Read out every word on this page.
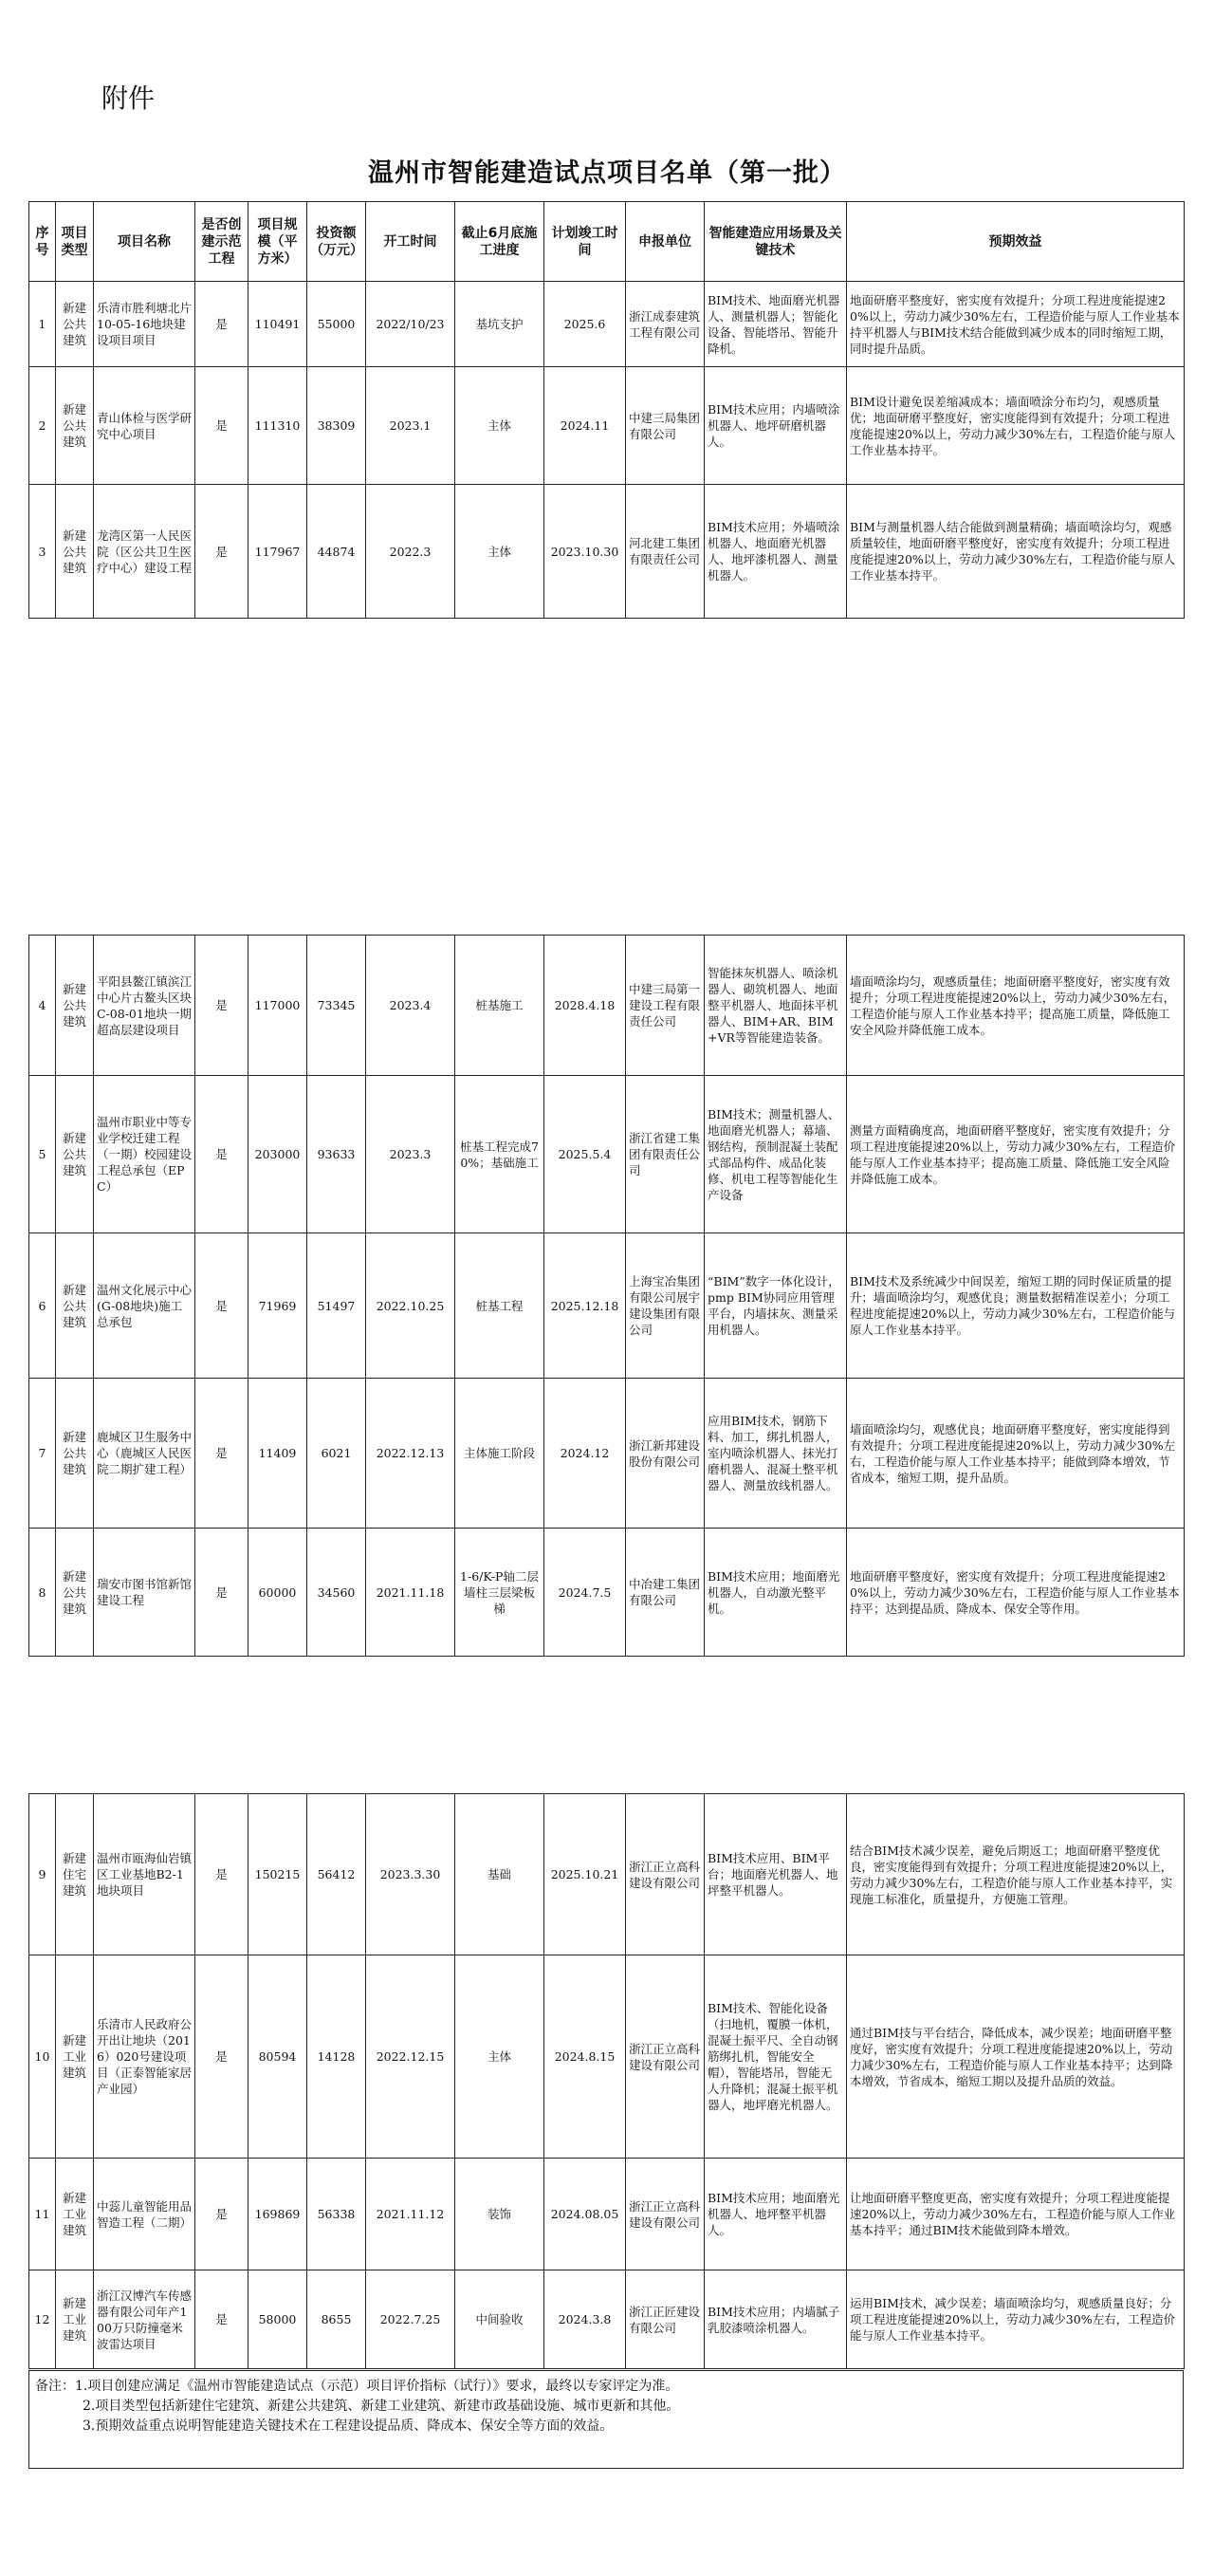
附件
温州市智能建造试点项目名单（第一批）
序号	项目类型	项目名称	是否创建示范工程	项目规模（平方米）	投资额（万元）	开工时间	截止6月底施工进度	计划竣工时间	申报单位	智能建造应用场景及关键技术	预期效益
1	新建公共建筑	乐清市胜利塘北片10-05-16地块建设项目项目	是	110491	55000	2022/10/23	基坑支护	2025.6	浙江成泰建筑工程有限公司	BIM技术、地面磨光机器人、测量机器人；智能化设备、智能塔吊、智能升降机。	地面研磨平整度好，密实度有效提升；分项工程进度能提速20%以上，劳动力减少30%左右，工程造价能与原人工作业基本持平机器人与BIM技术结合能做到减少成本的同时缩短工期，同时提升品质。
2	新建公共建筑	青山体检与医学研究中心项目	是	111310	38309	2023.1	主体	2024.11	中建三局集团有限公司	BIM技术应用；内墙喷涂机器人、地坪研磨机器人。	BIM设计避免误差缩减成本；墙面喷涂分布均匀，观感质量优；地面研磨平整度好，密实度能得到有效提升；分项工程进度能提速20%以上，劳动力减少30%左右，工程造价能与原人工作业基本持平。
3	新建公共建筑	龙湾区第一人民医院（区公共卫生医疗中心）建设工程	是	117967	44874	2022.3	主体	2023.10.30	河北建工集团有限责任公司	BIM技术应用；外墙喷涂机器人、地面磨光机器人、地坪漆机器人、测量机器人。	BIM与测量机器人结合能做到测量精确；墙面喷涂均匀，观感质量较佳，地面研磨平整度好，密实度有效提升；分项工程进度能提速20%以上，劳动力减少30%左右，工程造价能与原人工作业基本持平。
4	新建公共建筑	平阳县鳌江镇滨江中心片古鳌头区块C-08-01地块一期超高层建设项目	是	117000	73345	2023.4	桩基施工	2028.4.18	中建三局第一建设工程有限责任公司	智能抹灰机器人、喷涂机器人、砌筑机器人、地面整平机器人、地面抹平机器人、BIM+AR、BIM+VR等智能建造装备。	墙面喷涂均匀，观感质量佳；地面研磨平整度好，密实度有效提升；分项工程进度能提速20%以上，劳动力减少30%左右，工程造价能与原人工作业基本持平；提高施工质量，降低施工安全风险并降低施工成本。
5	新建公共建筑	温州市职业中等专业学校迁建工程（一期）校园建设工程总承包（EPC）	是	203000	93633	2023.3	桩基工程完成70%；基础施工	2025.5.4	浙江省建工集团有限责任公司	BIM技术；测量机器人、地面磨光机器人；幕墙、钢结构，预制混凝土装配式部品构件、成品化装修、机电工程等智能化生产设备	测量方面精确度高，地面研磨平整度好，密实度有效提升；分项工程进度能提速20%以上，劳动力减少30%左右，工程造价能与原人工作业基本持平；提高施工质量、降低施工安全风险并降低施工成本。
6	新建公共建筑	温州文化展示中心(G-08地块)施工总承包	是	71969	51497	2022.10.25	桩基工程	2025.12.18	上海宝冶集团有限公司展宇建设集团有限公司	“BIM”数字一体化设计，pmp BIM协同应用管理平台，内墙抹灰、测量采用机器人。	BIM技术及系统减少中间误差，缩短工期的同时保证质量的提升；墙面喷涂均匀，观感优良；测量数据精准误差小；分项工程进度能提速20%以上，劳动力减少30%左右，工程造价能与原人工作业基本持平。
7	新建公共建筑	鹿城区卫生服务中心（鹿城区人民医院二期扩建工程）	是	11409	6021	2022.12.13	主体施工阶段	2024.12	浙江新邦建设股份有限公司	应用BIM技术，钢筋下料、加工，绑扎机器人，室内喷涂机器人、抹光打磨机器人、混凝土整平机器人、测量放线机器人。	墙面喷涂均匀，观感优良；地面研磨平整度好，密实度能得到有效提升；分项工程进度能提速20%以上，劳动力减少30%左右，工程造价能与原人工作业基本持平；能做到降本增效，节省成本，缩短工期，提升品质。
8	新建公共建筑	瑞安市图书馆新馆建设工程	是	60000	34560	2021.11.18	1-6/K-P轴二层墙柱三层梁板梯	2024.7.5	中冶建工集团有限公司	BIM技术应用；地面磨光机器人，自动激光整平机。	地面研磨平整度好，密实度有效提升；分项工程进度能提速20%以上，劳动力减少30%左右，工程造价能与原人工作业基本持平；达到提品质、降成本、保安全等作用。
9	新建住宅建筑	温州市瓯海仙岩镇区工业基地B2-1地块项目	是	150215	56412	2023.3.30	基础	2025.10.21	浙江正立高科建设有限公司	BIM技术应用、BIM平台；地面磨光机器人、地坪整平机器人。	结合BIM技术减少误差，避免后期返工；地面研磨平整度优良，密实度能得到有效提升；分项工程进度能提速20%以上，劳动力减少30%左右，工程造价能与原人工作业基本持平，实现施工标准化，质量提升，方便施工管理。
10	新建工业建筑	乐清市人民政府公开出让地块（2016）020号建设项目（正泰智能家居产业园）	是	80594	14128	2022.12.15	主体	2024.8.15	浙江正立高科建设有限公司	BIM技术、智能化设备（扫地机，覆膜一体机，混凝土振平尺、全自动钢筋绑扎机，智能安全帽），智能塔吊，智能无人升降机；混凝土振平机器人，地坪磨光机器人。	通过BIM技与平台结合，降低成本，减少误差；地面研磨平整度好，密实度有效提升；分项工程进度能提速20%以上，劳动力减少30%左右，工程造价能与原人工作业基本持平；达到降本增效，节省成本，缩短工期以及提升品质的效益。
11	新建工业建筑	中蕊儿童智能用品智造工程（二期）	是	169869	56338	2021.11.12	装饰	2024.08.05	浙江正立高科建设有限公司	BIM技术应用；地面磨光机器人、地坪整平机器人。	让地面研磨平整度更高，密实度有效提升；分项工程进度能提速20%以上，劳动力减少30%左右，工程造价能与原人工作业基本持平；通过BIM技术能做到降本增效。
12	新建工业建筑	浙江汉博汽车传感器有限公司年产100万只防撞毫米波雷达项目	是	58000	8655	2022.7.25	中间验收	2024.3.8	浙江正匠建设有限公司	BIM技术应用；内墙腻子乳胶漆喷涂机器人。	运用BIM技术，减少误差；墙面喷涂均匀，观感质量良好；分项工程进度能提速20%以上，劳动力减少30%左右，工程造价能与原人工作业基本持平。
备注：1.项目创建应满足《温州市智能建造试点（示范）项目评价指标（试行）》要求，最终以专家评定为准。
2.项目类型包括新建住宅建筑、新建公共建筑、新建工业建筑、新建市政基础设施、城市更新和其他。
3.预期效益重点说明智能建造关键技术在工程建设提品质、降成本、保安全等方面的效益。
